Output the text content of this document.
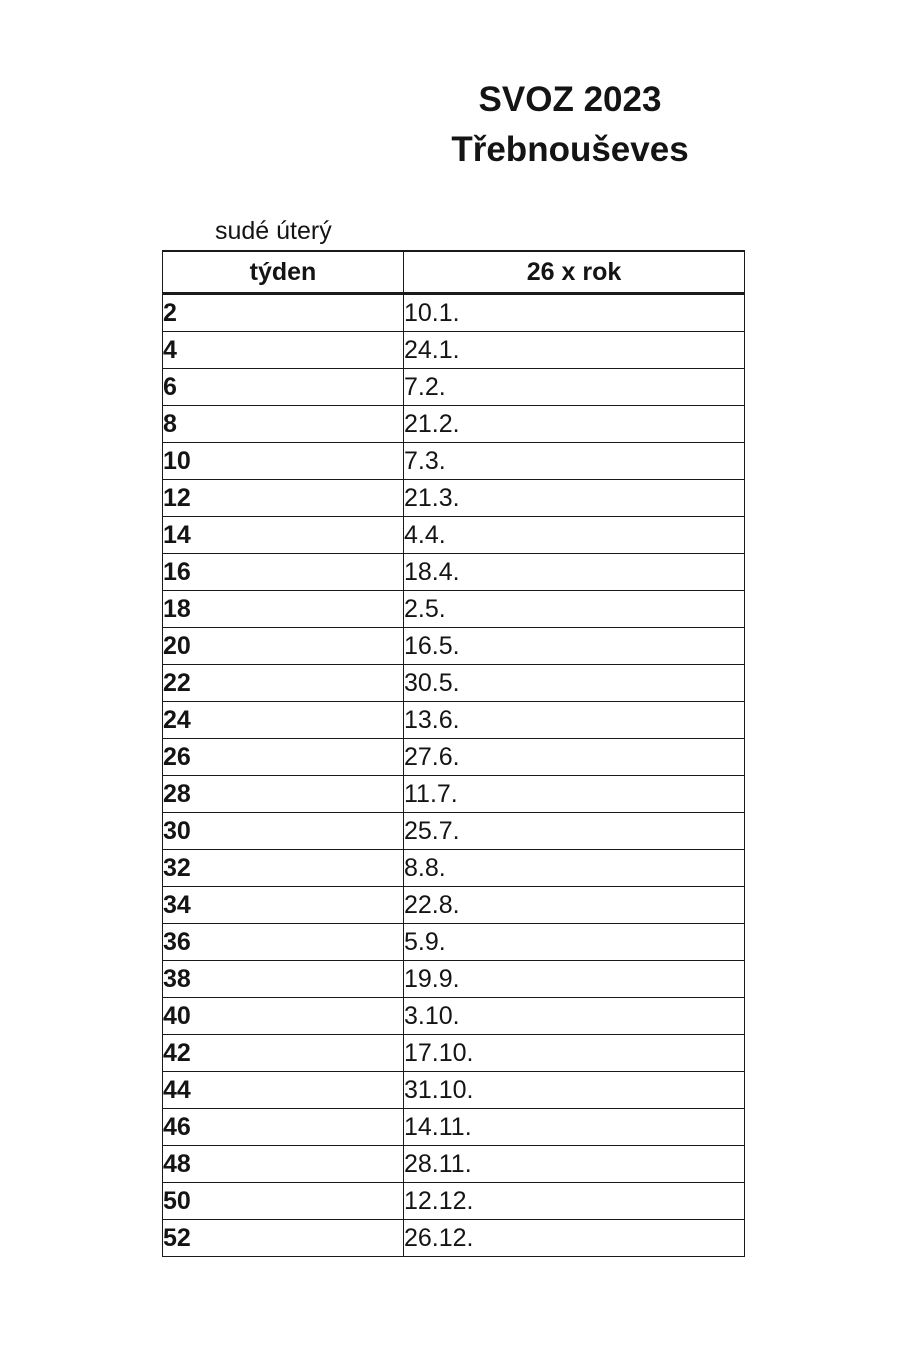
SVOZ 2023
Třebnouševes
sudé úterý
týden	26 x rok
2	10.1.
4	24.1.
6	7.2.
8	21.2.
10	7.3.
12	21.3.
14	4.4.
16	18.4.
18	2.5.
20	16.5.
22	30.5.
24	13.6.
26	27.6.
28	11.7.
30	25.7.
32	8.8.
34	22.8.
36	5.9.
38	19.9.
40	3.10.
42	17.10.
44	31.10.
46	14.11.
48	28.11.
50	12.12.
52	26.12.
